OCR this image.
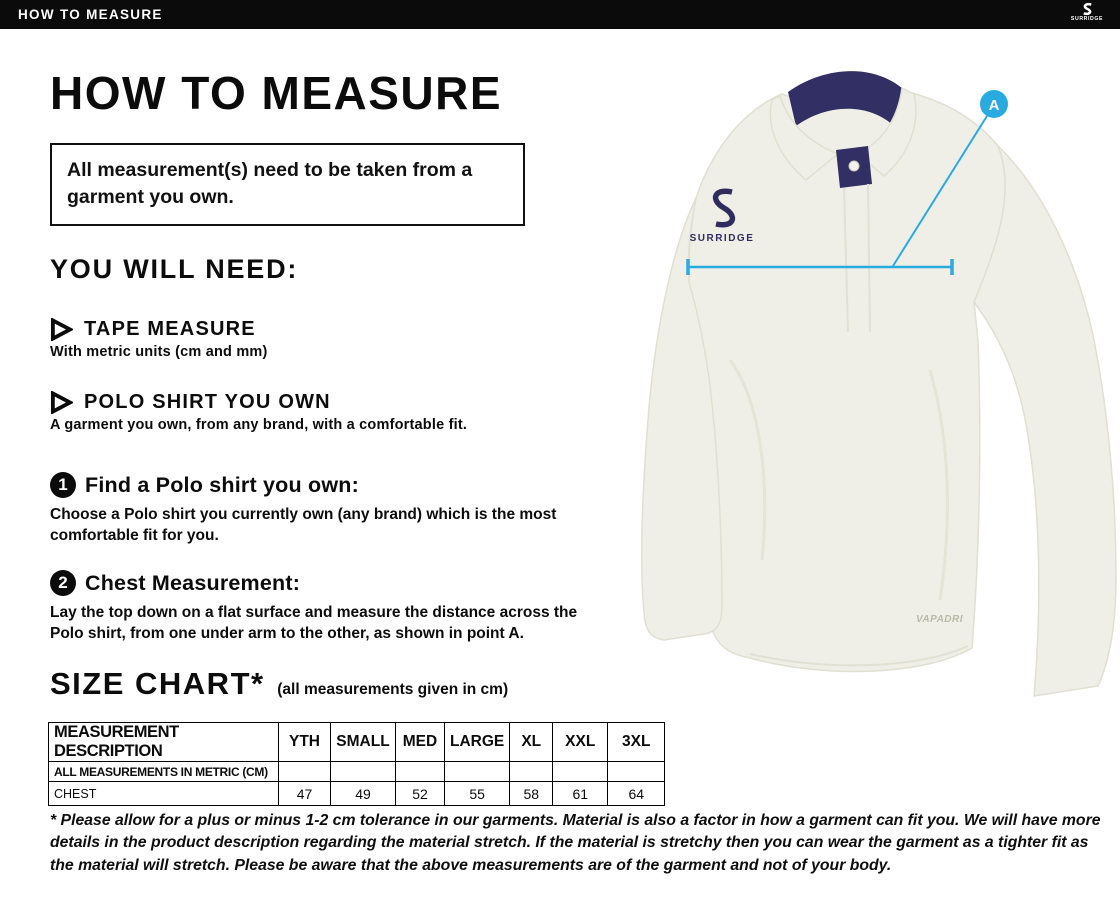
HOW TO MEASURE	SURRIDGE
HOW TO MEASURE

All measurement(s) need to be taken from a garment you own.

YOU WILL NEED:
TAPE MEASURE

With metric units (cm and mm)

POLO SHIRT YOU OWN

A garment you own, from any brand, with a comfortable fit.

1 Find a Polo shirt you own:

Choose a Polo shirt you currently own (any brand) which is the most comfortable fit for you.

2 Chest Measurement:

Lay the top down on a flat surface and measure the distance across the Polo shirt, from one under arm to the other, as shown in point A.

SIZE CHART* (all measurements given in cm)
MEASUREMENT DESCRIPTION	YTH	SMALL	MED	LARGE	XL	XXL	3XL
ALL MEASUREMENTS IN METRIC (CM)							
CHEST	47	49	52	55	58	61	64

* Please allow for a plus or minus 1-2 cm tolerance in our garments. Material is also a factor in how a garment can fit you. We will have more details in the product description regarding the material stretch. If the material is stretchy then you can wear the garment as a tighter fit as the material will stretch. Please be aware that the above measurements are of the garment and not of your body.

SURRIDGE
VAPADRI
A
